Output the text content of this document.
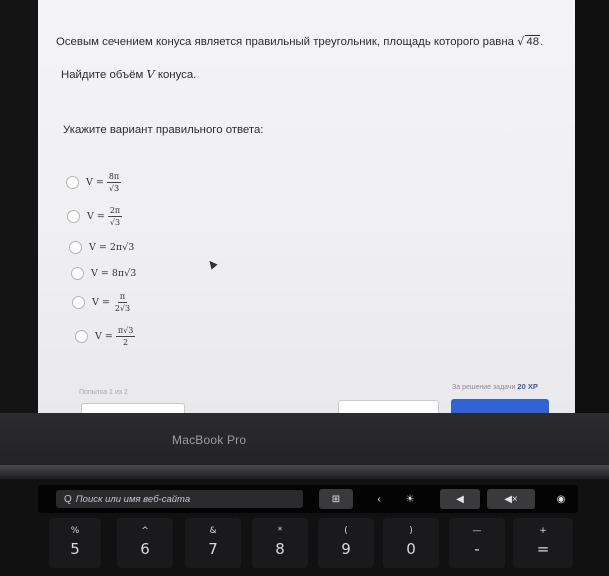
Осевым сечением конуса является правильный треугольник, площадь которого равна √ 48.
Найдите объём V конуса.
Укажите вариант правильного ответа:
$V = \frac{8\pi}{√3}$
$V = \frac{2\pi}{√3}$
V = 2π√3
V = 8π√3
$V = \frac{\pi}{2√3}$
$V = \frac{\pi√3}{2}$
Попытка 1 из 2
За решение задачи 20 XP
MacBook Pro
Q Поиск или имя веб-сайта	⊞	‹	☀	◀	◀×	◉
%
5
^
6
&
7
*
8
(
9
)
0
—
-
+
=
